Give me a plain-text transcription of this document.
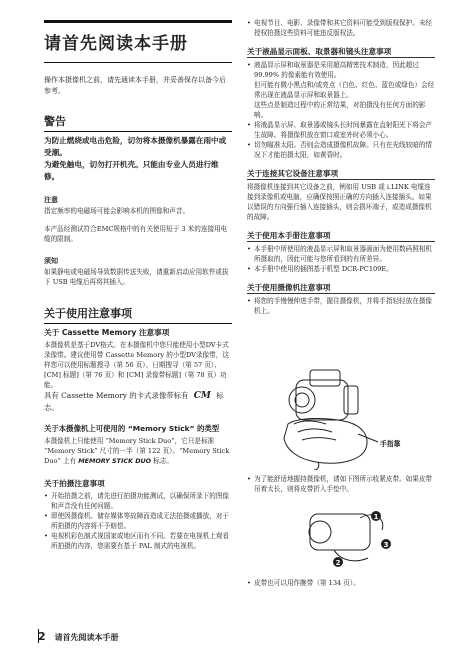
请首先阅读本手册

操作本摄像机之前，请先通读本手册，并妥善保存以备今后参考。

警告

为防止燃烧或电击危险，切勿将本摄像机暴露在雨中或受潮。

为避免触电，切勿打开机壳。只能由专业人员进行维修。

注意

指定频率的电磁场可能会影响本机的图像和声音。

本产品经测试符合EMC规格中的有关使用短于 3 米的连接用电缆的限制。

须知

如果静电或电磁场导致数据传送失败，请重新启动应用软件或拔下 USB 电缆后再将其插入。

关于使用注意事项

关于 Cassette Memory 注意事项

本摄像机是基于DV格式。在本摄像机中您只能使用小型DV卡式录像带。建议使用带 Cassette Memory 的小型DV录像带，这样您可以使用标题搜寻（第 56 页）、日期搜寻（第 57 页）、[CM] 标题]（第 76 页）和 [CM] 录像带标题]（第 78 页）功能。

具有 Cassette Memory 的卡式录像带标有 CM 标志。

关于本摄像机上可使用的 “Memory Stick” 的类型

本摄像机上只能使用 “Memory Stick Duo”，它只是标准 “Memory Stick” 尺寸的一半（第 122 页）。“Memory Stick Duo” 上有 MEMORY STICK DUO 标志。

关于拍摄注意事项

• 开始拍摄之前，请先进行拍摄功能测试，以确保所录下的图像和声音没有任何问题。
• 即使因摄像机、储存媒体等故障而造成无法拍摄或播放，对于所拍摄的内容将不予赔偿。
• 电视机彩色制式视国家或地区而有不同。若要在电视机上观看所拍摄的内容，您需要有基于 PAL 制式的电视机。
• 电视节目、电影、录像带和其它资料可能受到版权保护。未经授权拍摄这些资料可能违反版权法。

关于液晶显示面板、取景器和镜头注意事项

• 液晶显示屏和取景器是采用超高精密技术制造，因此超过 99.99% 的像素能有效使用。
但可能有微小黑点和/或亮点（白色、红色、蓝色或绿色）会经常出现在液晶显示屏和取景器上。
这些点是制造过程中的正常结果，对拍摄没有任何方面的影响。
• 将液晶显示屏、取景器或镜头长时间暴露在直射阳光下将会产生故障。将摄像机放在窗口或室外时必须小心。
• 切勿瞄准太阳。否则会造成摄像机故障。只有在光线较暗的情况下才能拍摄太阳，如黄昏时。

关于连接其它设备注意事项

将摄像机连接到其它设备之前，例如用 USB 或 i.LINK 电缆连接到录像机或电脑，应确保按照正确的方向插入连接插头。如果以错误的方向强行插入连接插头，则会损坏端子，或造成摄像机的故障。

关于使用本手册注意事项

• 本手册中所使用的液晶显示屏和取景器画面为使用数码照相机所摄取的，因此可能与您所看到的有所差异。
• 本手册中使用的插图基于机型 DCR-PC109E。

关于使用摄像机注意事项

• 将您的手慢慢伸进手带，握住摄像机，并将手指轻轻放在摄像机上。
手指靠
• 为了能舒适地握持摄像机，请如下图所示收紧皮带。如果皮带吊着太长，则将皮带折入手垫中。
1
2
3
• 皮带也可以用作腕带（第 134 页）。
2 请首先阅读本手册
